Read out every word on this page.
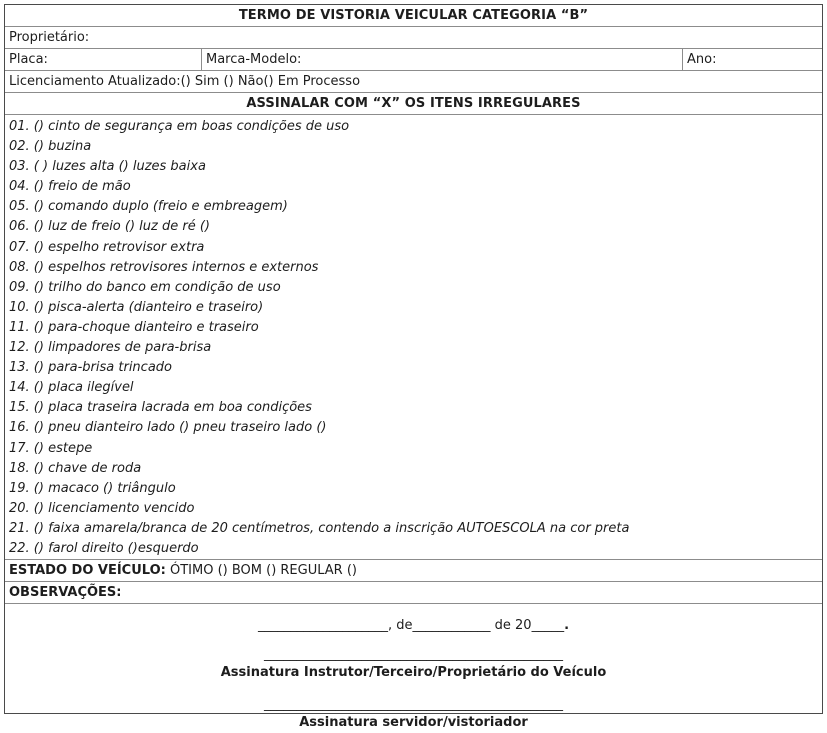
TERMO DE VISTORIA VEICULAR CATEGORIA “B”
Proprietário:
Placa:	Marca-Modelo:	Ano:
Licenciamento Atualizado:() Sim () Não() Em Processo
ASSINALAR COM “X” OS ITENS IRREGULARES
01. () cinto de segurança em boas condições de uso
02. () buzina
03. ( ) luzes alta () luzes baixa
04. () freio de mão
05. () comando duplo (freio e embreagem)
06. () luz de freio () luz de ré ()
07. () espelho retrovisor extra
08. () espelhos retrovisores internos e externos
09. () trilho do banco em condição de uso
10. () pisca-alerta (dianteiro e traseiro)
11. () para-choque dianteiro e traseiro
12. () limpadores de para-brisa
13. () para-brisa trincado
14. () placa ilegível
15. () placa traseira lacrada em boa condições
16. () pneu dianteiro lado () pneu traseiro lado ()
17. () estepe
18. () chave de roda
19. () macaco () triângulo
20. () licenciamento vencido
21. () faixa amarela/branca de 20 centímetros, contendo a inscrição AUTOESCOLA na cor preta
22. () farol direito ()esquerdo
ESTADO DO VEÍCULO: ÓTIMO () BOM () REGULAR ()
OBSERVAÇÕES:
____________________, de____________ de 20_____.
______________________________________________
Assinatura Instrutor/Terceiro/Proprietário do Veículo
______________________________________________
Assinatura servidor/vistoriador
